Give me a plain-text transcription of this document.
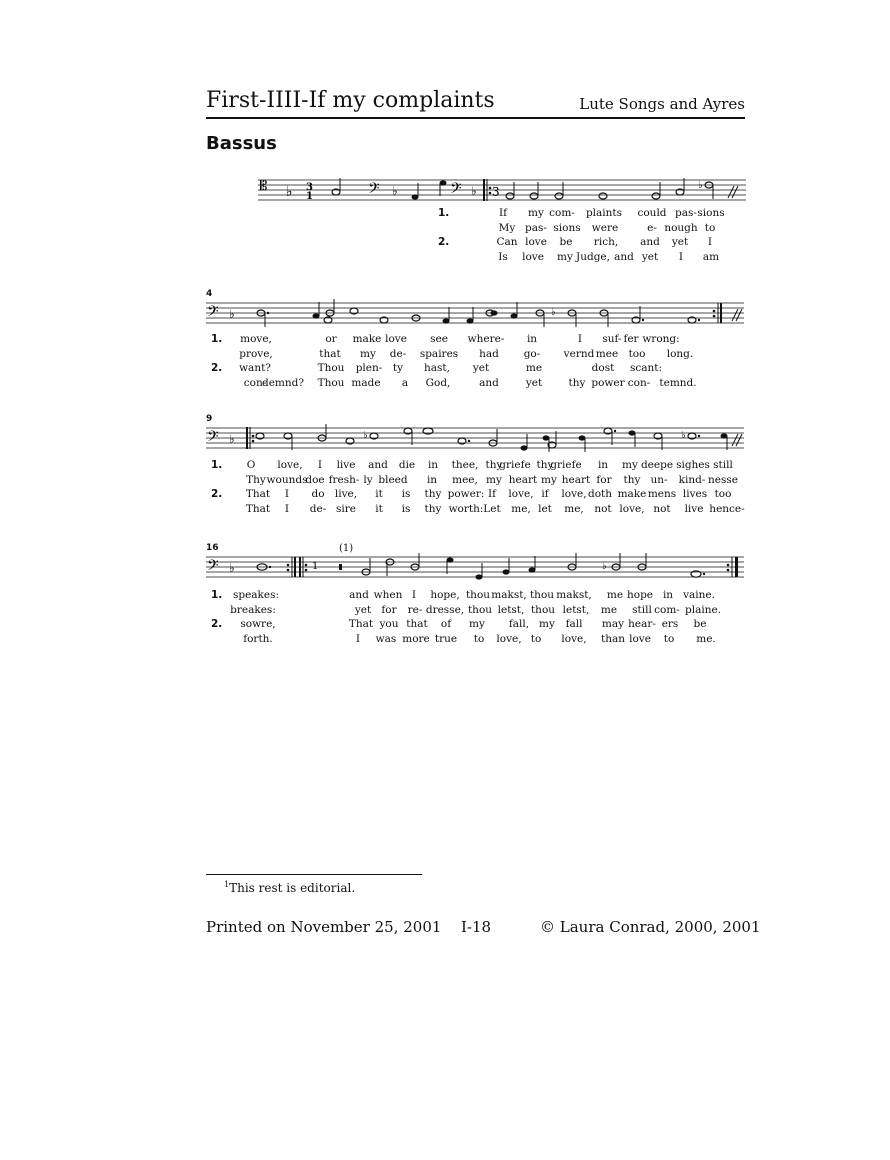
First-IIII-If my complaints	Lute Songs and Ayres
Bassus
𝄡 ♭ 3
1	𝄢 ♭	𝄢 ♭ 3	♭
1.	If my com- plaints could pas- sions
My pas- sions were	e- nough to
2.	Can love be rich, and yet I
Is love my Judge, and yet I am
4
𝄢 ♭	♭
1. move,	or make love see where- in	I suf- fer wrong:
prove,	that my de- spaires had go- vernd mee too long.
2. want?	Thou plen- ty hast, yet	me	dost scant:
con-
demnd? Thou made a God,	and	yet	thy power con- temnd.
9
𝄢 ♭	♭	♭
1. O love, I live and die in thee, thy
griefe thy
griefe in my deepe sighes still
Thy wounds
doe fresh- ly bleed in mee, my heart my heart for thy un- kind- nesse
2. That I do live, it is thy power: If love, if love, doth make mens lives too
That I de- sire it is thy worth: Let me, let me, not love, not live hence-
16	(1)
𝄢 ♭	1	♭
1. speakes:	and when I hope, thou makst, thou makst, me hope in vaine.
breakes:	yet for re- dresse, thou letst, thou letst, me still com- plaine.
2. sowre,	That you that of my fall, my fall may hear- ers be
forth.	I was more true to love, to love, than love to me.
$^1$This rest is editorial.
Printed on November 25, 2001 I-18	© Laura Conrad, 2000, 2001
